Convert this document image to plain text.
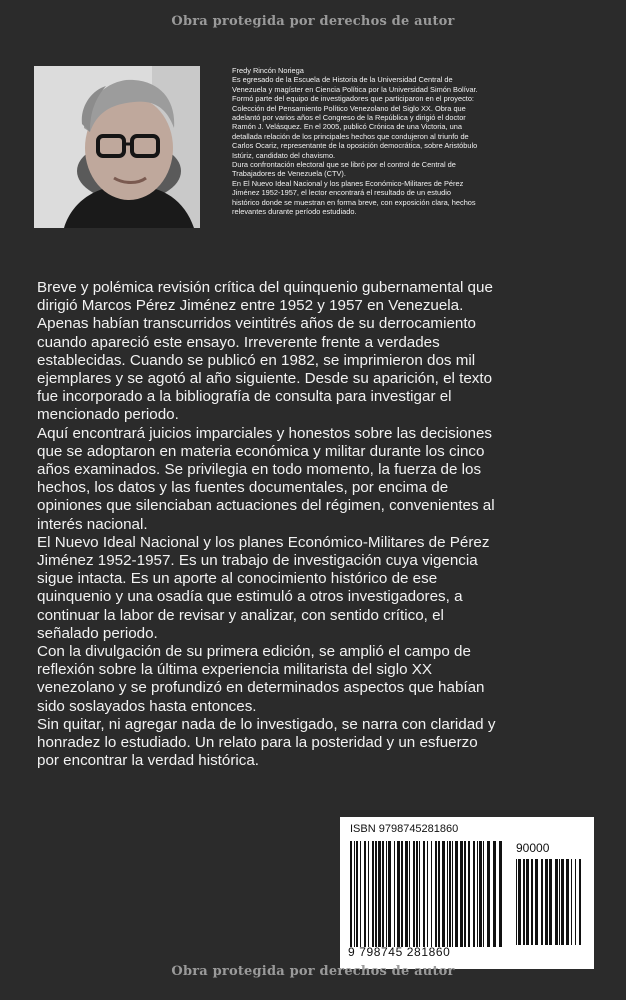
Obra protegida por derechos de autor

Fredy Rincón Noriega

Es egresado de la Escuela de Historia de la Universidad Central de

Venezuela y magíster en Ciencia Política por la Universidad Simón Bolívar.

Formó parte del equipo de investigadores que participaron en el proyecto:

Colección del Pensamiento Político Venezolano del Siglo XX. Obra que

adelantó por varios años el Congreso de la República y dirigió el doctor

Ramón J. Velásquez. En el 2005, publicó Crónica de una Victoria, una

detallada relación de los principales hechos que condujeron al triunfo de

Carlos Ocariz, representante de la oposición democrática, sobre Aristóbulo

Istúriz, candidato del chavismo.

Dura confrontación electoral que se libró por el control de Central de

Trabajadores de Venezuela (CTV).

En El Nuevo Ideal Nacional y los planes Económico-Militares de Pérez

Jiménez 1952-1957, el lector encontrará el resultado de un estudio

histórico donde se muestran en forma breve, con exposición clara, hechos

relevantes durante período estudiado.

Breve y polémica revisión crítica del quinquenio gubernamental que

dirigió Marcos Pérez Jiménez entre 1952 y 1957 en Venezuela.

Apenas habían transcurridos veintitrés años de su derrocamiento

cuando apareció este ensayo. Irreverente frente a verdades

establecidas. Cuando se publicó en 1982, se imprimieron dos mil

ejemplares y se agotó al año siguiente. Desde su aparición, el texto

fue incorporado a la bibliografía de consulta para investigar el

mencionado periodo.

Aquí encontrará juicios imparciales y honestos sobre las decisiones

que se adoptaron en materia económica y militar durante los cinco

años examinados. Se privilegia en todo momento, la fuerza de los

hechos, los datos y las fuentes documentales, por encima de

opiniones que silenciaban actuaciones del régimen, convenientes al

interés nacional.

El Nuevo Ideal Nacional y los planes Económico-Militares de Pérez

Jiménez 1952-1957. Es un trabajo de investigación cuya vigencia

sigue intacta. Es un aporte al conocimiento histórico de ese

quinquenio y una osadía que estimuló a otros investigadores, a

continuar la labor de revisar y analizar, con sentido crítico, el

señalado periodo.

Con la divulgación de su primera edición, se amplió el campo de

reflexión sobre la última experiencia militarista del siglo XX

venezolano y se profundizó en determinados aspectos que habían

sido soslayados hasta entonces.

Sin quitar, ni agregar nada de lo investigado, se narra con claridad y

honradez lo estudiado. Un relato para la posteridad y un esfuerzo

por encontrar la verdad histórica.

ISBN 9798745281860
90000
9 798745 281860
Obra protegida por derechos de autor
